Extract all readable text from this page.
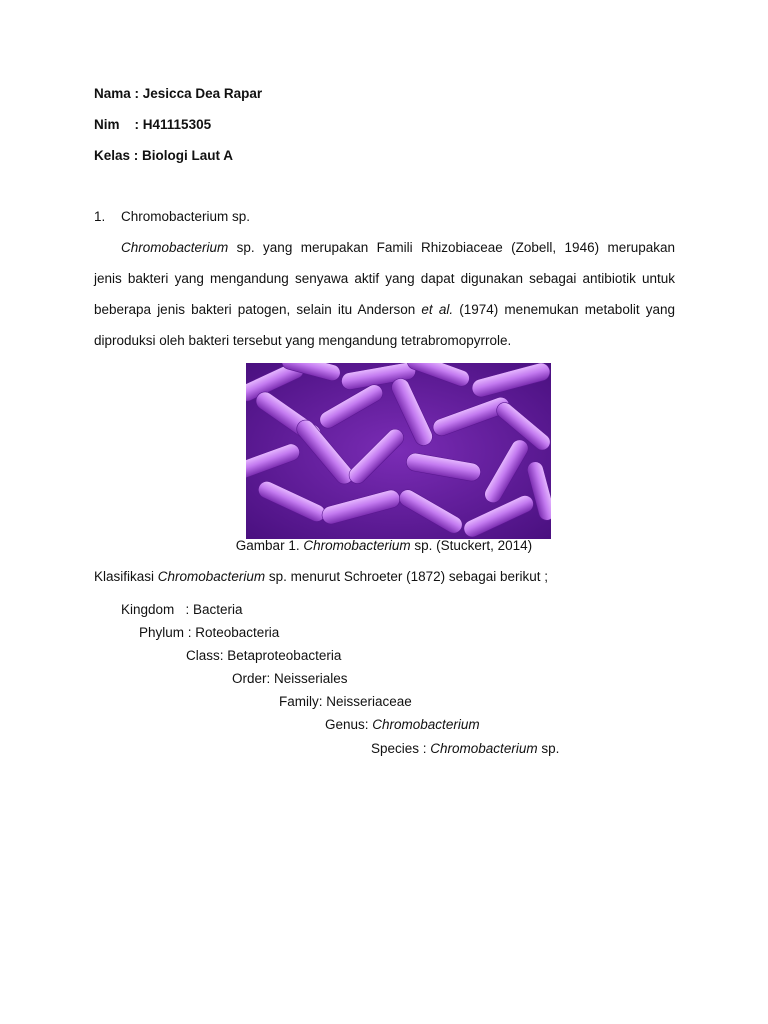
Nama : Jesicca Dea Rapar
Nim    : H41115305
Kelas : Biologi Laut A
1. Chromobacterium sp.
Chromobacterium sp. yang merupakan Famili Rhizobiaceae (Zobell, 1946) merupakan
jenis bakteri yang mengandung senyawa aktif yang dapat digunakan sebagai antibiotik untuk
beberapa jenis bakteri patogen, selain itu Anderson et al. (1974) menemukan metabolit yang
diproduksi oleh bakteri tersebut yang mengandung tetrabromopyrrole.
Gambar 1. Chromobacterium sp. (Stuckert, 2014)
Klasifikasi Chromobacterium sp. menurut Schroeter (1872) sebagai berikut ;
Kingdom   : Bacteria
Phylum : Roteobacteria
Class: Betaproteobacteria
Order: Neisseriales
Family: Neisseriaceae
Genus: Chromobacterium
Species : Chromobacterium sp.
